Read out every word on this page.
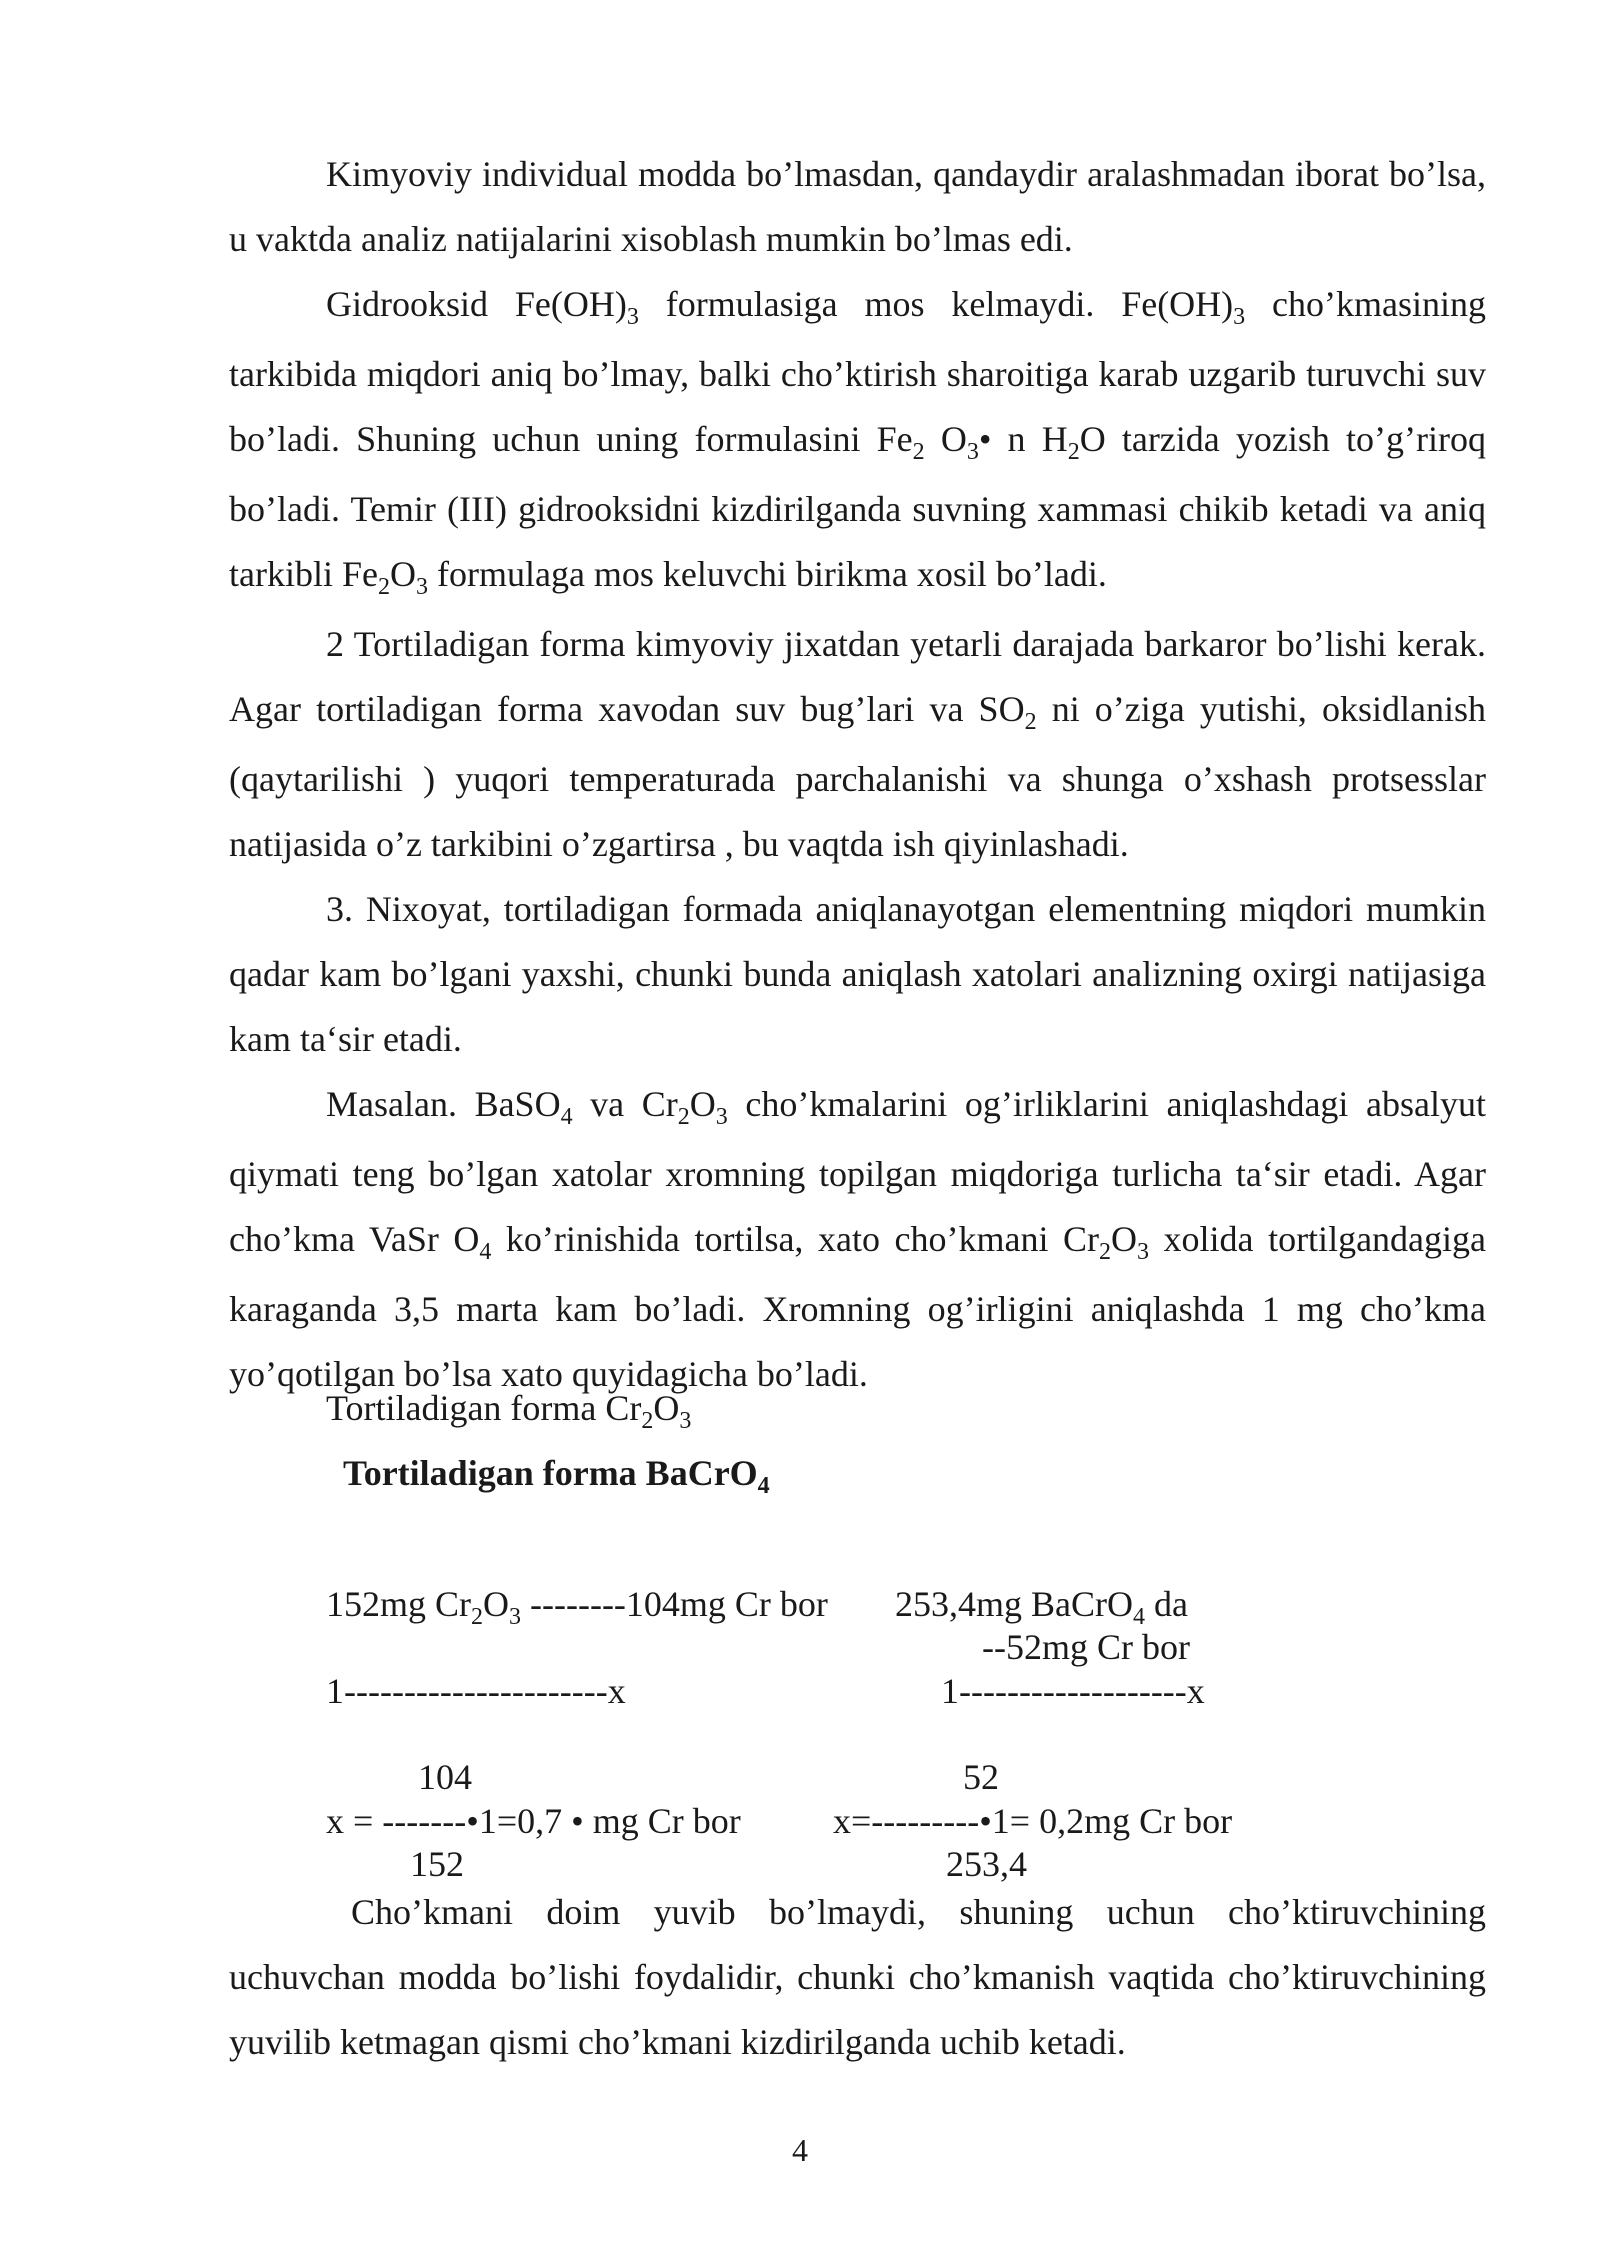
Kimyoviy individual modda bo’lmasdan, qandaydir aralashmadan iborat bo’lsa, u vaktda analiz natijalarini xisoblash mumkin bo’lmas edi.

Gidrooksid $Fe(OH)_3$ formulasiga mos kelmaydi. $Fe(OH)_3$ cho’kmasining tarkibida miqdori aniq bo’lmay, balki cho’ktirish sharoitiga karab uzgarib turuvchi suv bo’ladi. Shuning uchun uning formulasini $Fe_2$ $O_3•$ n $H_2O$ tarzida yozish to’g’riroq bo’ladi. Temir (III) gidrooksidni kizdirilganda suvning xammasi chikib ketadi va aniq tarkibli $Fe_2O_3$ formulaga mos keluvchi birikma xosil bo’ladi.

2 Tortiladigan forma kimyoviy jixatdan yetarli darajada barkaror bo’lishi kerak. Agar tortiladigan forma xavodan suv bug’lari va $SO_2$ ni o’ziga yutishi, oksidlanish (qaytarilishi ) yuqori temperaturada parchalanishi va shunga o’xshash protsesslar natijasida o’z tarkibini o’zgartirsa , bu vaqtda ish qiyinlashadi.

3. Nixoyat, tortiladigan formada aniqlanayotgan elementning miqdori mumkin qadar kam bo’lgani yaxshi, chunki bunda aniqlash xatolari analizning oxirgi natijasiga kam ta‘sir etadi.

Masalan. BaSO$_4$ va $Cr_2O_3$ cho’kmalarini og’irliklarini aniqlashdagi absalyut qiymati teng bo’lgan xatolar xromning topilgan miqdoriga turlicha ta‘sir etadi. Agar cho’kma VaSr $O_4$ ko’rinishida tortilsa, xato cho’kmani $Cr_2O_3$ xolida tortilgandagiga karaganda 3,5 marta kam bo’ladi. Xromning og’irligini aniqlashda 1 mg cho’kma yo’qotilgan bo’lsa xato quyidagicha bo’ladi.

Tortiladigan forma $Cr_2O_3$
Tortiladigan forma BaCrO$_4$
152mg $Cr_2O_3$ --------104mg Cr bor 253,4mg BaCrO$_4$ da
--52mg Cr bor
1----------------------x	1-------------------x
104	52
x = -------•1=0,7 • mg Cr bor	x=---------•1= 0,2mg Cr bor
152	253,4

Cho’kmani doim yuvib bo’lmaydi, shuning uchun cho’ktiruvchining uchuvchan modda bo’lishi foydalidir, chunki cho’kmanish vaqtida cho’ktiruvchining yuvilib ketmagan qismi cho’kmani kizdirilganda uchib ketadi.

4
